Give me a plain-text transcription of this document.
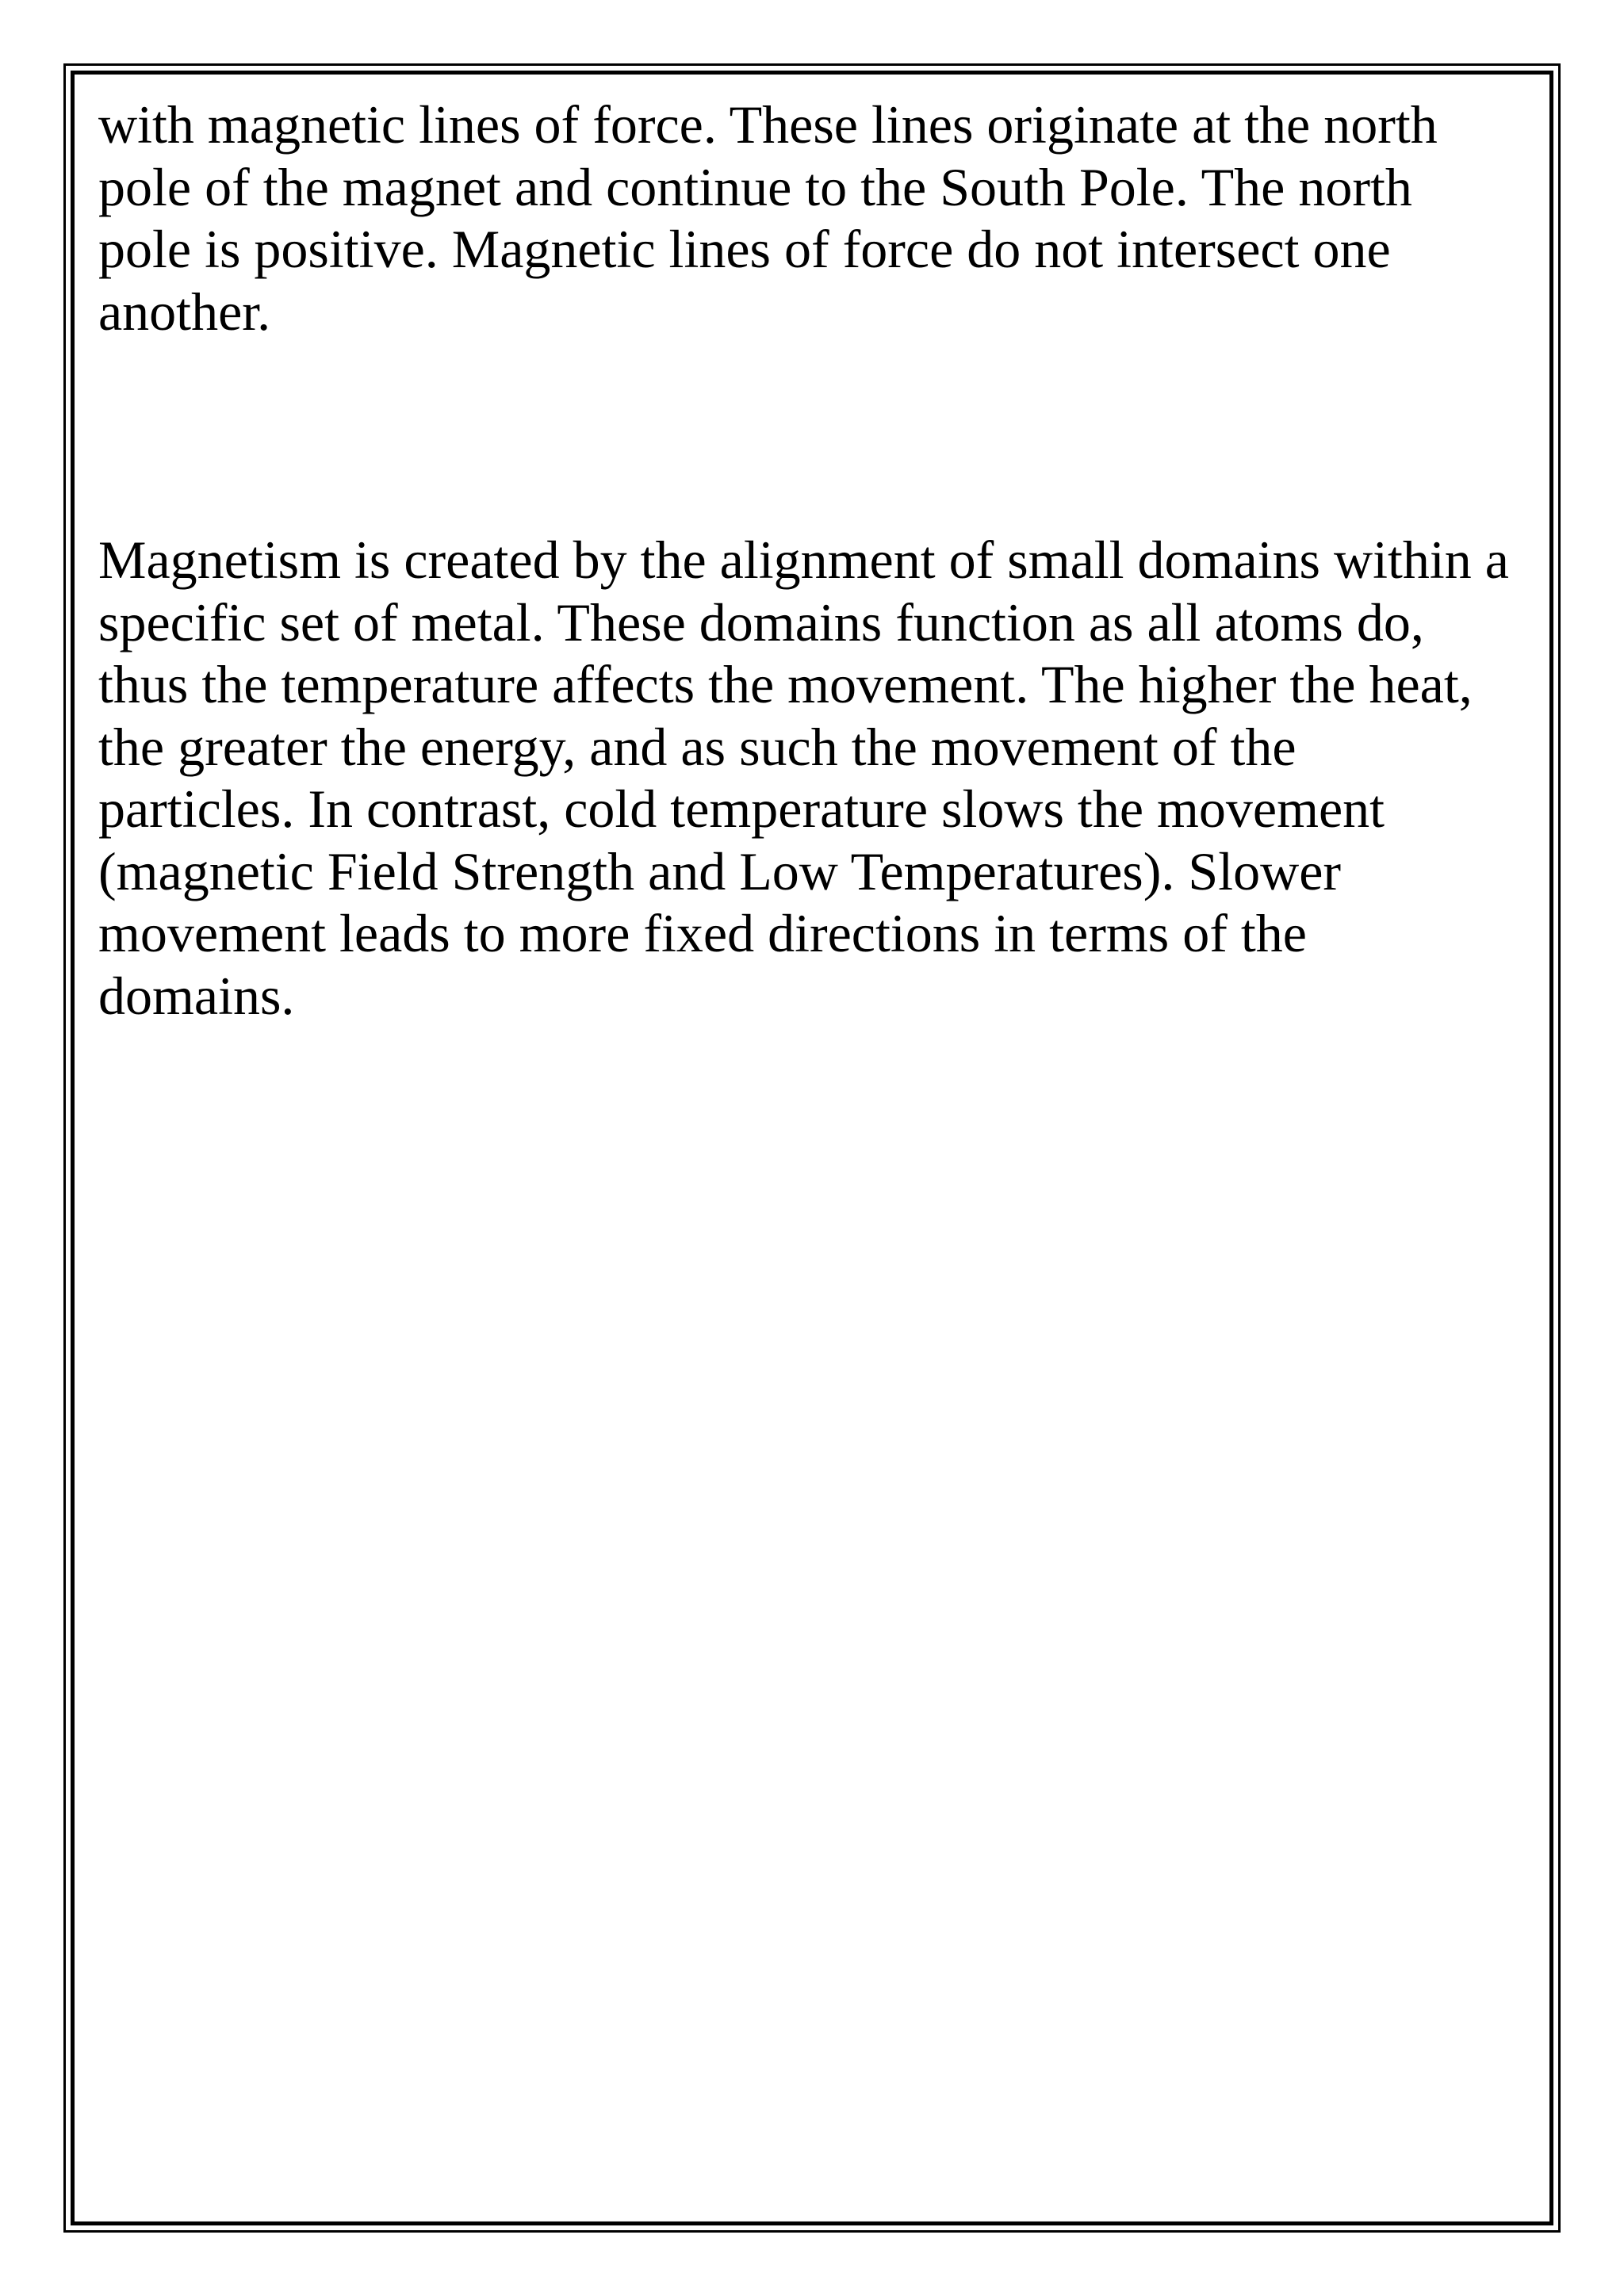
with magnetic lines of force. These lines originate at the north
pole of the magnet and continue to the South Pole. The north
pole is positive. Magnetic lines of force do not intersect one
another.

Magnetism is created by the alignment of small domains within a
specific set of metal. These domains function as all atoms do,
thus the temperature affects the movement. The higher the heat,
the greater the energy, and as such the movement of the
particles. In contrast, cold temperature slows the movement
(magnetic Field Strength and Low Temperatures). Slower
movement leads to more fixed directions in terms of the
domains.
